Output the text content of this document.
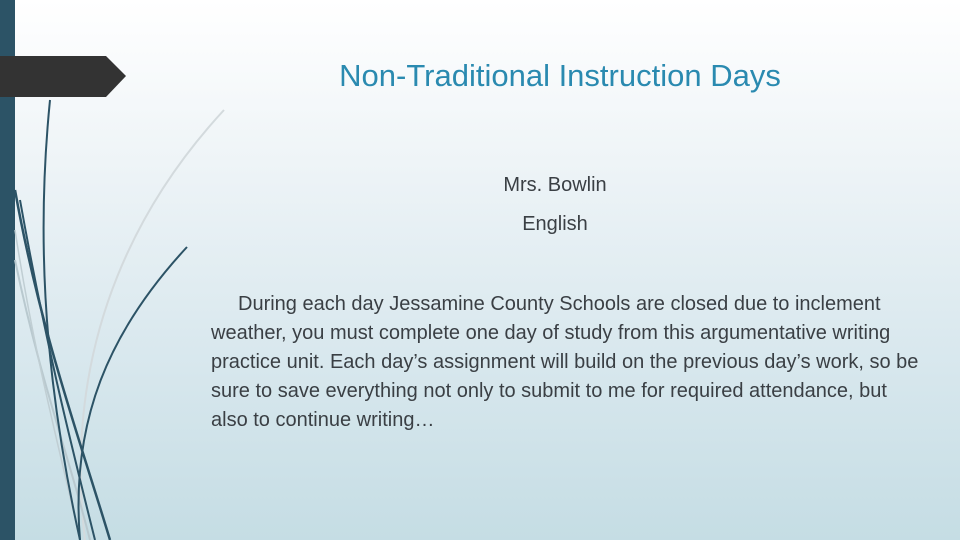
Non-Traditional Instruction Days
Mrs. Bowlin
English
During each day Jessamine County Schools are closed due to inclement weather, you must complete one day of study from this argumentative writing practice unit. Each day’s assignment will build on the previous day’s work, so be sure to save everything not only to submit to me for required attendance, but also to continue writing…
